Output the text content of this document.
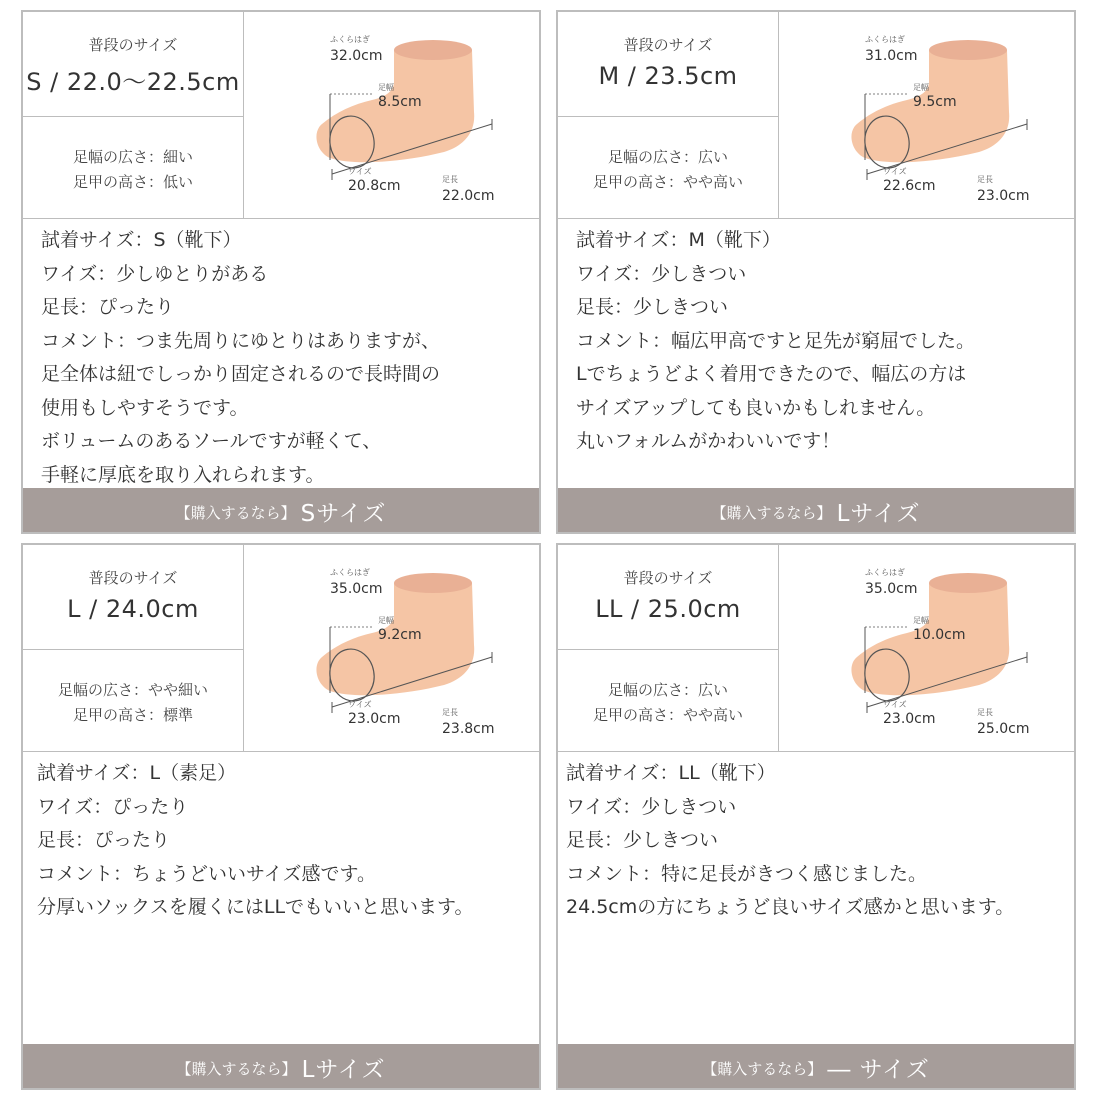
普段のサイズ
S / 22.0〜22.5cm
足幅の広さ：細い
足甲の高さ：低い
ふくらはぎ
32.0cm
足幅
8.5cm
ワイズ
20.8cm	足長
22.0cm
試着サイズ：S（靴下）
ワイズ：少しゆとりがある
足長：ぴったり
コメント：つま先周りにゆとりはありますが、
足全体は紐でしっかり固定されるので長時間の
使用もしやすそうです。
ボリュームのあるソールですが軽くて、
手軽に厚底を取り入れられます。
【購入するなら】 Sサイズ
普段のサイズ
M / 23.5cm
足幅の広さ：広い
足甲の高さ：やや高い
ふくらはぎ
31.0cm
足幅
9.5cm
ワイズ
22.6cm	足長
23.0cm
試着サイズ：M（靴下）
ワイズ：少しきつい
足長：少しきつい
コメント：幅広甲高ですと足先が窮屈でした。
Lでちょうどよく着用できたので、幅広の方は
サイズアップしても良いかもしれません。
丸いフォルムがかわいいです！
【購入するなら】 Lサイズ
普段のサイズ
L / 24.0cm
足幅の広さ：やや細い
足甲の高さ：標準
ふくらはぎ
35.0cm
足幅
9.2cm
ワイズ
23.0cm	足長
23.8cm
試着サイズ：L（素足）
ワイズ：ぴったり
足長：ぴったり
コメント：ちょうどいいサイズ感です。
分厚いソックスを履くにはLLでもいいと思います。
【購入するなら】 Lサイズ
普段のサイズ
LL / 25.0cm
足幅の広さ：広い
足甲の高さ：やや高い
ふくらはぎ
35.0cm
足幅
10.0cm
ワイズ
23.0cm	足長
25.0cm
試着サイズ：LL（靴下）
ワイズ：少しきつい
足長：少しきつい
コメント：特に足長がきつく感じました。
24.5cmの方にちょうど良いサイズ感かと思います。
【購入するなら】 ― サイズ
